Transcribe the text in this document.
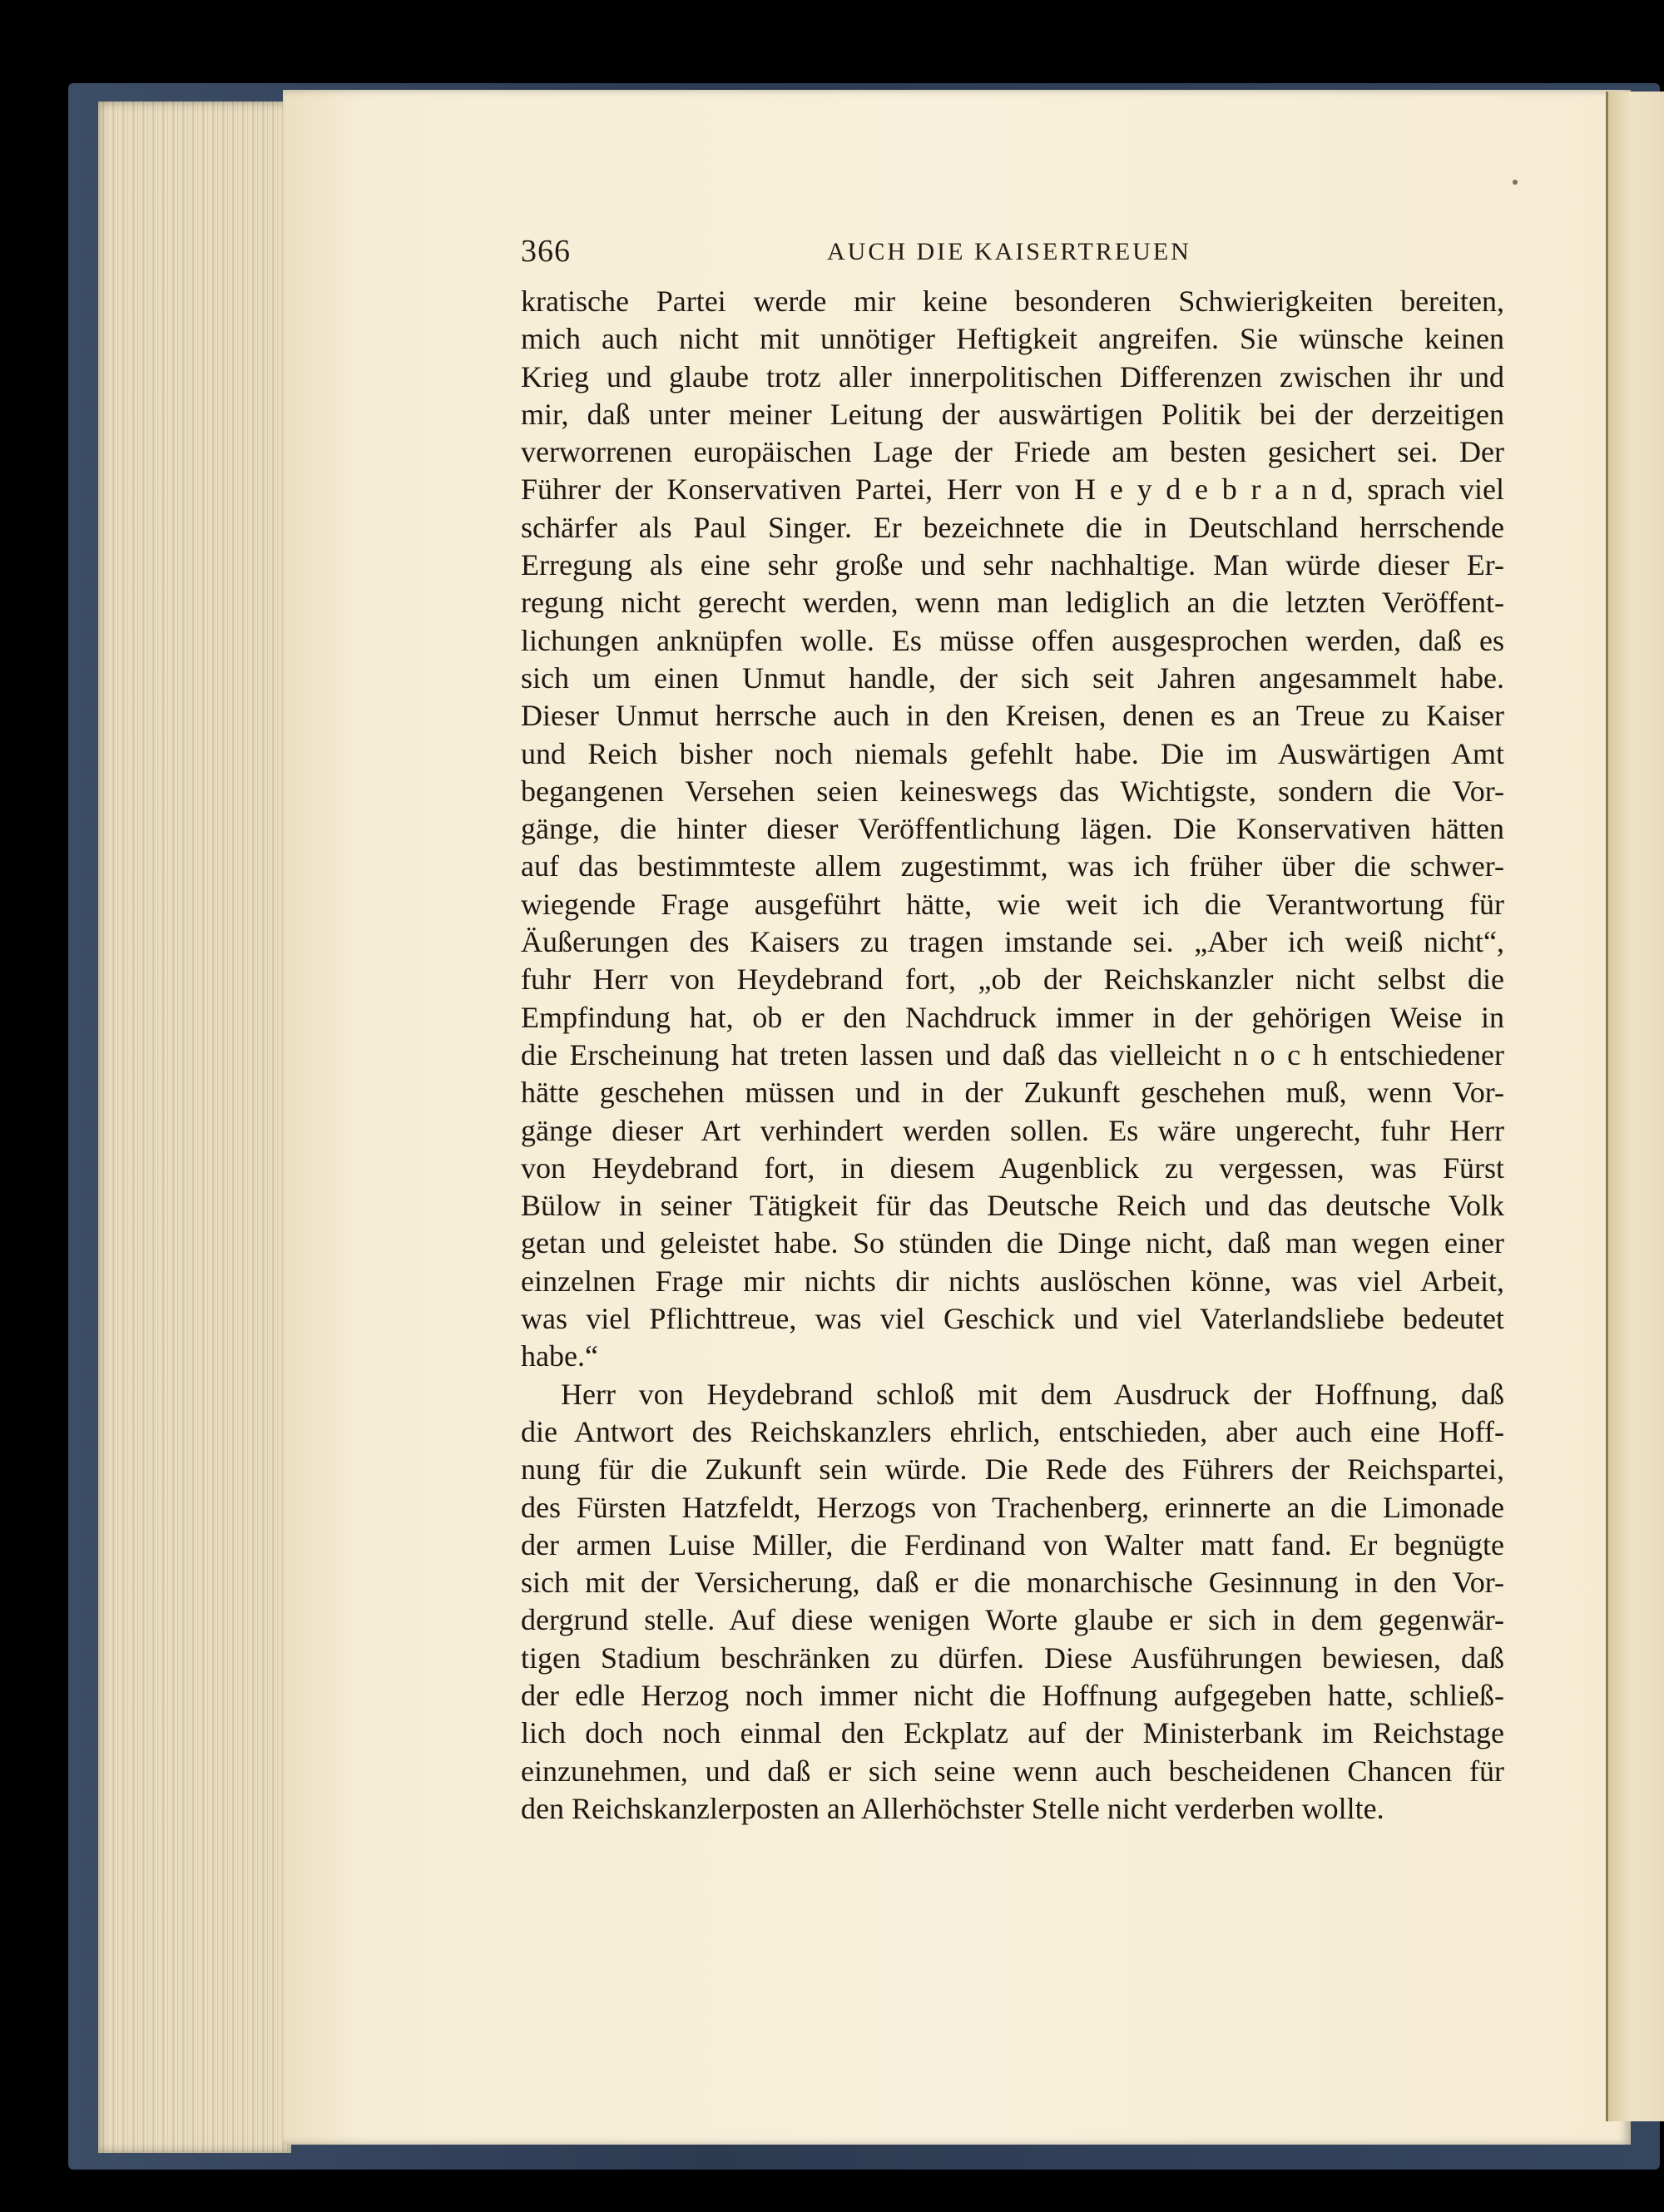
366	AUCH DIE KAISERTREUEN
kratische Partei werde mir keine besonderen Schwierigkeiten bereiten,
mich auch nicht mit unnötiger Heftigkeit angreifen. Sie wünsche keinen
Krieg und glaube trotz aller innerpolitischen Differenzen zwischen ihr und
mir, daß unter meiner Leitung der auswärtigen Politik bei der derzeitigen
verworrenen europäischen Lage der Friede am besten gesichert sei. Der
Führer der Konservativen Partei, Herr von H e y d e b r a n d, sprach viel
schärfer als Paul Singer. Er bezeichnete die in Deutschland herrschende
Erregung als eine sehr große und sehr nachhaltige. Man würde dieser Er-
regung nicht gerecht werden, wenn man lediglich an die letzten Veröffent-
lichungen anknüpfen wolle. Es müsse offen ausgesprochen werden, daß es
sich um einen Unmut handle, der sich seit Jahren angesammelt habe.
Dieser Unmut herrsche auch in den Kreisen, denen es an Treue zu Kaiser
und Reich bisher noch niemals gefehlt habe. Die im Auswärtigen Amt
begangenen Versehen seien keineswegs das Wichtigste, sondern die Vor-
gänge, die hinter dieser Veröffentlichung lägen. Die Konservativen hätten
auf das bestimmteste allem zugestimmt, was ich früher über die schwer-
wiegende Frage ausgeführt hätte, wie weit ich die Verantwortung für
Äußerungen des Kaisers zu tragen imstande sei. „Aber ich weiß nicht“,
fuhr Herr von Heydebrand fort, „ob der Reichskanzler nicht selbst die
Empfindung hat, ob er den Nachdruck immer in der gehörigen Weise in
die Erscheinung hat treten lassen und daß das vielleicht n o c h entschiedener
hätte geschehen müssen und in der Zukunft geschehen muß, wenn Vor-
gänge dieser Art verhindert werden sollen. Es wäre ungerecht, fuhr Herr
von Heydebrand fort, in diesem Augenblick zu vergessen, was Fürst
Bülow in seiner Tätigkeit für das Deutsche Reich und das deutsche Volk
getan und geleistet habe. So stünden die Dinge nicht, daß man wegen einer
einzelnen Frage mir nichts dir nichts auslöschen könne, was viel Arbeit,
was viel Pflichttreue, was viel Geschick und viel Vaterlandsliebe bedeutet
habe.“
Herr von Heydebrand schloß mit dem Ausdruck der Hoffnung, daß
die Antwort des Reichskanzlers ehrlich, entschieden, aber auch eine Hoff-
nung für die Zukunft sein würde. Die Rede des Führers der Reichspartei,
des Fürsten Hatzfeldt, Herzogs von Trachenberg, erinnerte an die Limonade
der armen Luise Miller, die Ferdinand von Walter matt fand. Er begnügte
sich mit der Versicherung, daß er die monarchische Gesinnung in den Vor-
dergrund stelle. Auf diese wenigen Worte glaube er sich in dem gegenwär-
tigen Stadium beschränken zu dürfen. Diese Ausführungen bewiesen, daß
der edle Herzog noch immer nicht die Hoffnung aufgegeben hatte, schließ-
lich doch noch einmal den Eckplatz auf der Ministerbank im Reichstage
einzunehmen, und daß er sich seine wenn auch bescheidenen Chancen für
den Reichskanzlerposten an Allerhöchster Stelle nicht verderben wollte.
